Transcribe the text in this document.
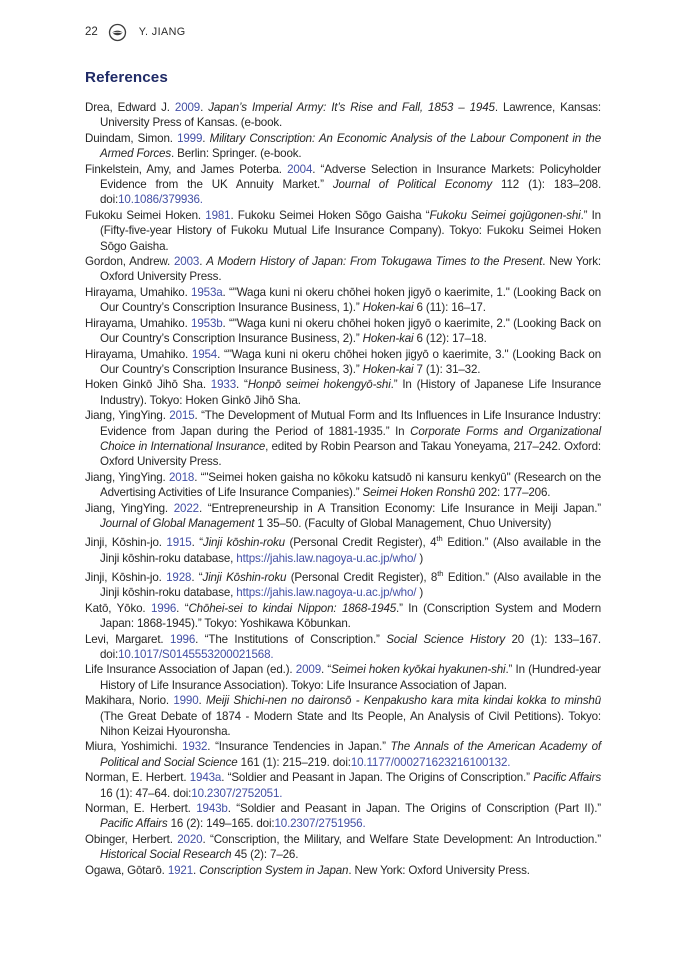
22	Y. JIANG
References
Drea, Edward J. 2009. Japan’s Imperial Army: It’s Rise and Fall, 1853 – 1945. Lawrence, Kansas: University Press of Kansas. (e-book.
Duindam, Simon. 1999. Military Conscription: An Economic Analysis of the Labour Component in the Armed Forces. Berlin: Springer. (e-book.
Finkelstein, Amy, and James Poterba. 2004. “Adverse Selection in Insurance Markets: Policyholder Evidence from the UK Annuity Market.” Journal of Political Economy 112 (1): 183–208. doi:10.1086/379936.
Fukoku Seimei Hoken. 1981. Fukoku Seimei Hoken Sōgo Gaisha “Fukoku Seimei gojūgonen-shi.” In (Fifty-five-year History of Fukoku Mutual Life Insurance Company). Tokyo: Fukoku Seimei Hoken Sōgo Gaisha.
Gordon, Andrew. 2003. A Modern History of Japan: From Tokugawa Times to the Present. New York: Oxford University Press.
Hirayama, Umahiko. 1953a. “"Waga kuni ni okeru chōhei hoken jigyō o kaerimite, 1." (Looking Back on Our Country’s Conscription Insurance Business, 1).” Hoken-kai 6 (11): 16–17.
Hirayama, Umahiko. 1953b. “"Waga kuni ni okeru chōhei hoken jigyō o kaerimite, 2." (Looking Back on Our Country’s Conscription Insurance Business, 2).” Hoken-kai 6 (12): 17–18.
Hirayama, Umahiko. 1954. “"Waga kuni ni okeru chōhei hoken jigyō o kaerimite, 3." (Looking Back on Our Country’s Conscription Insurance Business, 3).” Hoken-kai 7 (1): 31–32.
Hoken Ginkō Jihō Sha. 1933. “Honpō seimei hokengyō-shi.” In (History of Japanese Life Insurance Industry). Tokyo: Hoken Ginkō Jihō Sha.
Jiang, YingYing. 2015. “The Development of Mutual Form and Its Influences in Life Insurance Industry: Evidence from Japan during the Period of 1881-1935.” In Corporate Forms and Organizational Choice in International Insurance, edited by Robin Pearson and Takau Yoneyama, 217–242. Oxford: Oxford University Press.
Jiang, YingYing. 2018. “"Seimei hoken gaisha no kōkoku katsudō ni kansuru kenkyū" (Research on the Advertising Activities of Life Insurance Companies).” Seimei Hoken Ronshū 202: 177–206.
Jiang, YingYing. 2022. “Entrepreneurship in A Transition Economy: Life Insurance in Meiji Japan.” Journal of Global Management 1 35–50. (Faculty of Global Management, Chuo University)
Jinji, Kōshin-jo. 1915. “Jinji kōshin-roku (Personal Credit Register), 4th Edition.” (Also available in the Jinji kōshin-roku database, https://jahis.law.nagoya-u.ac.jp/who/ )
Jinji, Kōshin-jo. 1928. “Jinji Kōshin-roku (Personal Credit Register), 8th Edition.” (Also available in the Jinji kōshin-roku database, https://jahis.law.nagoya-u.ac.jp/who/ )
Katō, Yōko. 1996. “Chōhei-sei to kindai Nippon: 1868-1945.” In (Conscription System and Modern Japan: 1868-1945).” Tokyo: Yoshikawa Kōbunkan.
Levi, Margaret. 1996. “The Institutions of Conscription.” Social Science History 20 (1): 133–167. doi:10.1017/S0145553200021568.
Life Insurance Association of Japan (ed.). 2009. “Seimei hoken kyōkai hyakunen-shi.” In (Hundred-year History of Life Insurance Association). Tokyo: Life Insurance Association of Japan.
Makihara, Norio. 1990. Meiji Shichi-nen no daironsō - Kenpakusho kara mita kindai kokka to minshū (The Great Debate of 1874 - Modern State and Its People, An Analysis of Civil Petitions). Tokyo: Nihon Keizai Hyouronsha.
Miura, Yoshimichi. 1932. “Insurance Tendencies in Japan.” The Annals of the American Academy of Political and Social Science 161 (1): 215–219. doi:10.1177/000271623216100132.
Norman, E. Herbert. 1943a. “Soldier and Peasant in Japan. The Origins of Conscription.” Pacific Affairs 16 (1): 47–64. doi:10.2307/2752051.
Norman, E. Herbert. 1943b. “Soldier and Peasant in Japan. The Origins of Conscription (Part II).” Pacific Affairs 16 (2): 149–165. doi:10.2307/2751956.
Obinger, Herbert. 2020. “Conscription, the Military, and Welfare State Development: An Introduction.” Historical Social Research 45 (2): 7–26.
Ogawa, Gōtarō. 1921. Conscription System in Japan. New York: Oxford University Press.
